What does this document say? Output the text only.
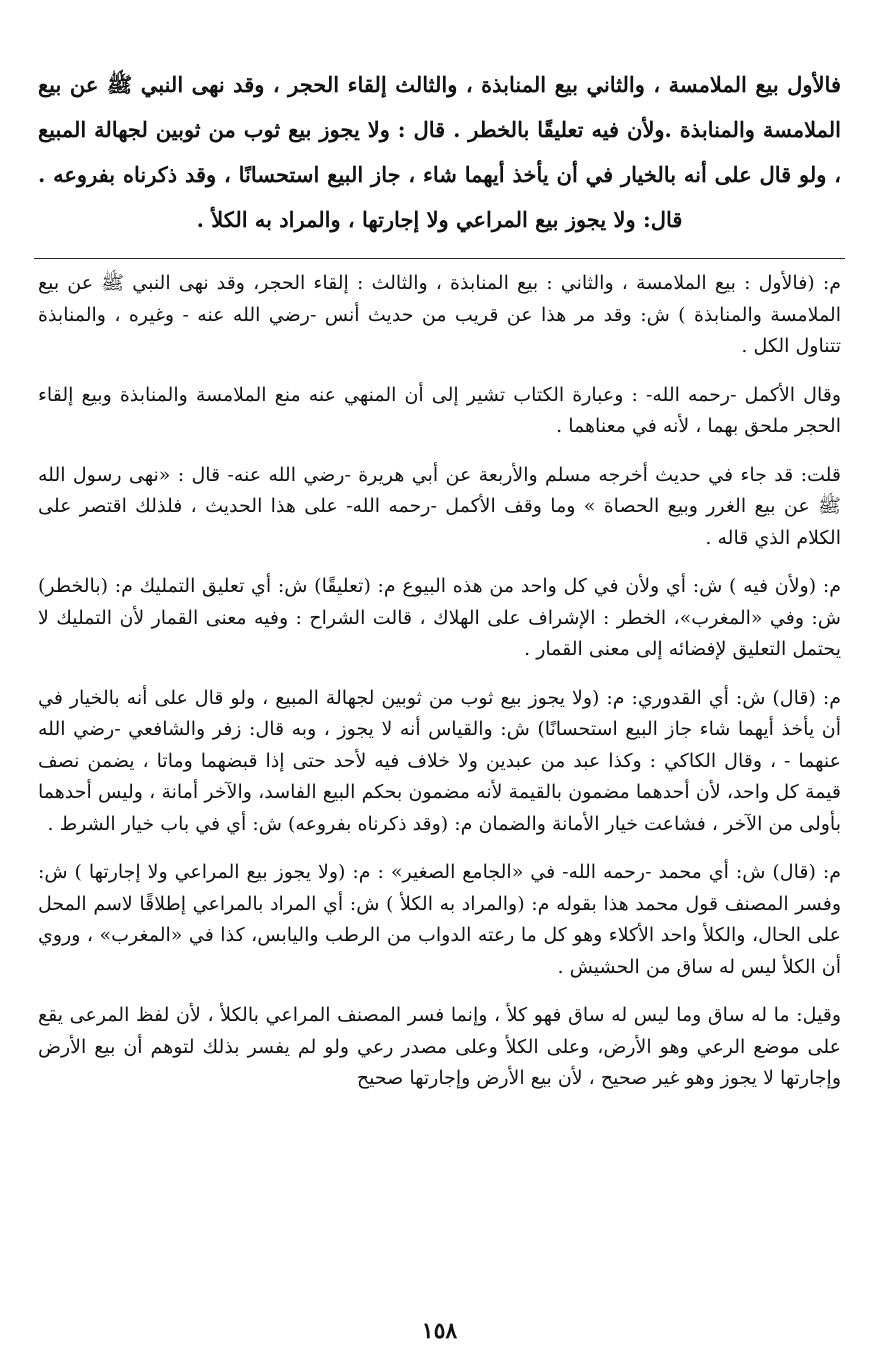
فالأول بيع الملامسة ، والثاني بيع المنابذة ، والثالث إلقاء الحجر ، وقد نهى النبي ﷺ عن بيع الملامسة والمنابذة .ولأن فيه تعليقًا بالخطر . قال : ولا يجوز بيع ثوب من ثوبين لجهالة المبيع ، ولو قال على أنه بالخيار في أن يأخذ أيهما شاء ، جاز البيع استحسانًا ، وقد ذكرناه بفروعه . قال: ولا يجوز بيع المراعي ولا إجارتها ، والمراد به الكلأ .

م: (فالأول : بيع الملامسة ، والثاني : بيع المنابذة ، والثالث : إلقاء الحجر، وقد نهى النبي ﷺ عن بيع الملامسة والمنابذة ) ش: وقد مر هذا عن قريب من حديث أنس -رضي الله عنه - وغيره ، والمنابذة تتناول الكل .

وقال الأكمل -رحمه الله- : وعبارة الكتاب تشير إلى أن المنهي عنه منع الملامسة والمنابذة وبيع إلقاء الحجر ملحق بهما ، لأنه في معناهما .

قلت: قد جاء في حديث أخرجه مسلم والأربعة عن أبي هريرة -رضي الله عنه- قال : «نهى رسول الله ﷺ عن بيع الغرر وبيع الحصاة » وما وقف الأكمل -رحمه الله- على هذا الحديث ، فلذلك اقتصر على الكلام الذي قاله .

م: (ولأن فيه ) ش: أي ولأن في كل واحد من هذه البيوع م: (تعليقًا) ش: أي تعليق التمليك م: (بالخطر) ش: وفي «المغرب»، الخطر : الإشراف على الهلاك ، قالت الشراح : وفيه معنى القمار لأن التمليك لا يحتمل التعليق لإفضائه إلى معنى القمار .

م: (قال) ش: أي القدوري: م: (ولا يجوز بيع ثوب من ثوبين لجهالة المبيع ، ولو قال على أنه بالخيار في أن يأخذ أيهما شاء جاز البيع استحسانًا) ش: والقياس أنه لا يجوز ، وبه قال: زفر والشافعي -رضي الله عنهما - ، وقال الكاكي : وكذا عبد من عبدين ولا خلاف فيه لأحد حتى إذا قبضهما وماتا ، يضمن نصف قيمة كل واحد، لأن أحدهما مضمون بالقيمة لأنه مضمون بحكم البيع الفاسد، والآخر أمانة ، وليس أحدهما بأولى من الآخر ، فشاعت خيار الأمانة والضمان م: (وقد ذكرناه بفروعه) ش: أي في باب خيار الشرط .

م: (قال) ش: أي محمد -رحمه الله- في «الجامع الصغير» : م: (ولا يجوز بيع المراعي ولا إجارتها ) ش: وفسر المصنف قول محمد هذا بقوله م: (والمراد به الكلأ ) ش: أي المراد بالمراعي إطلاقًا لاسم المحل على الحال، والكلأ واحد الأكلاء وهو كل ما رعته الدواب من الرطب واليابس، كذا في «المغرب» ، وروي أن الكلأ ليس له ساق من الحشيش .

وقيل: ما له ساق وما ليس له ساق فهو كلأ ، وإنما فسر المصنف المراعي بالكلأ ، لأن لفظ المرعى يقع على موضع الرعي وهو الأرض، وعلى الكلأ وعلى مصدر رعي ولو لم يفسر بذلك لتوهم أن بيع الأرض وإجارتها لا يجوز وهو غير صحيح ، لأن بيع الأرض وإجارتها صحيح

١٥٨
